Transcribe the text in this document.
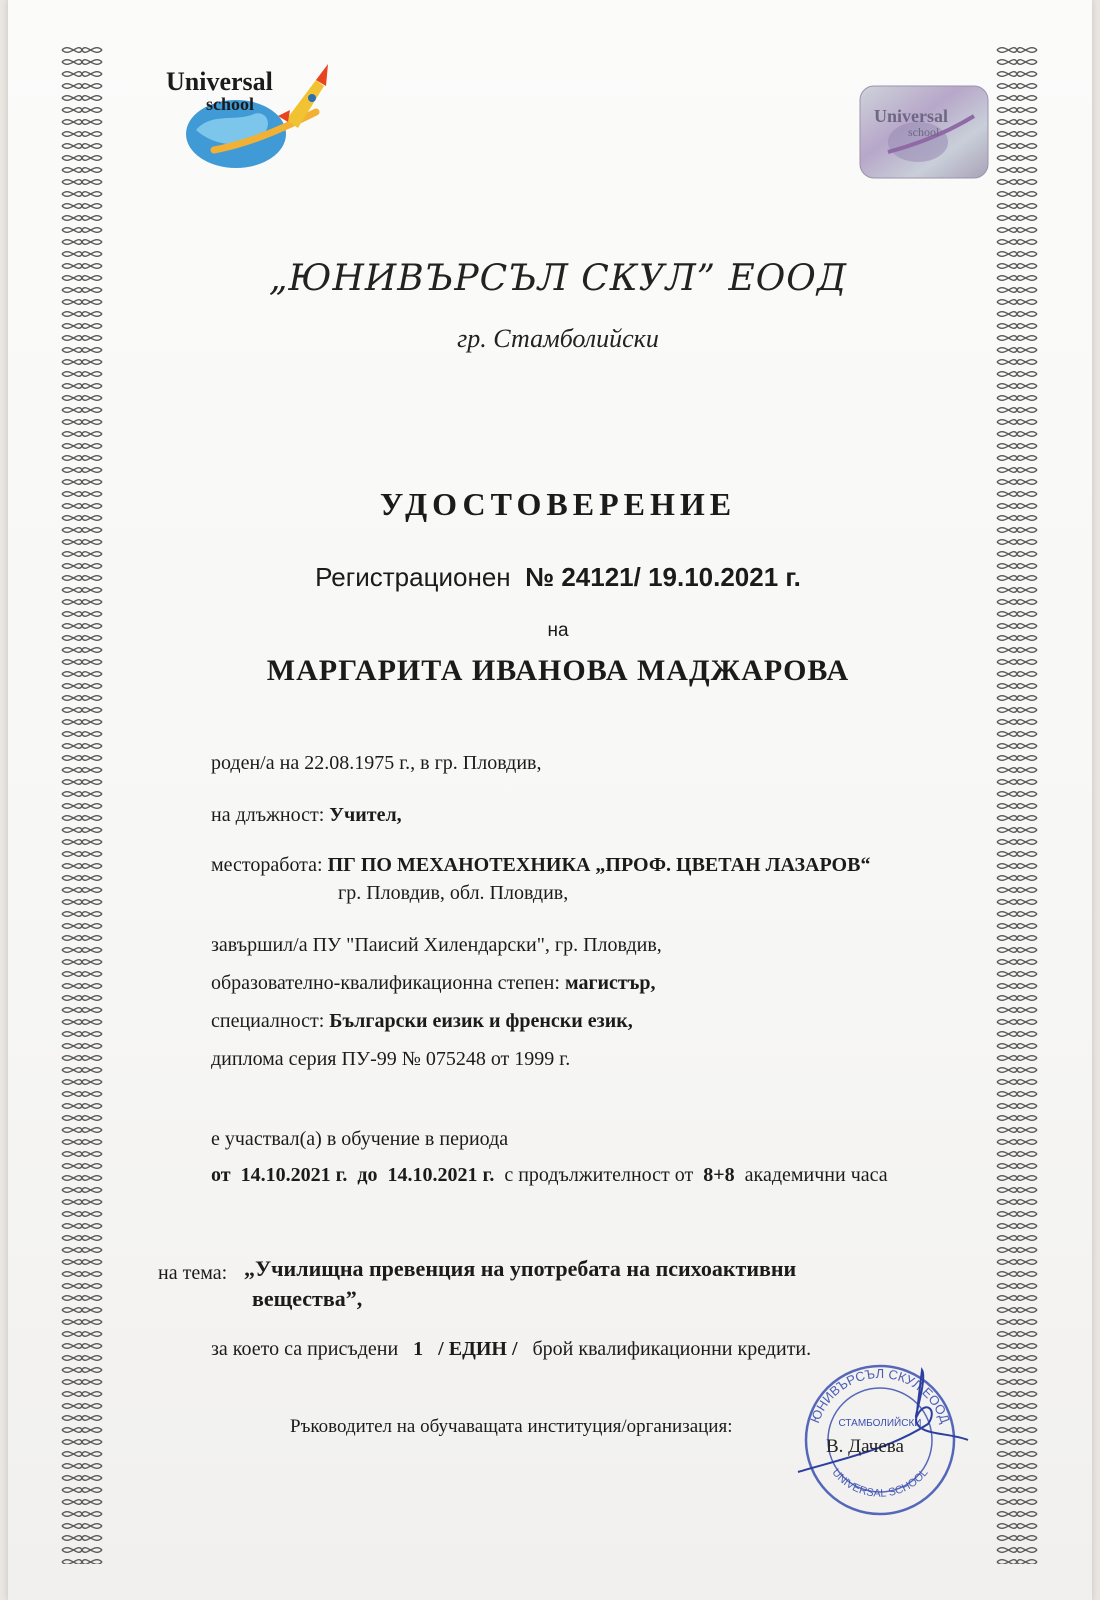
Universal
school
Universal
school

„ЮНИВЪРСЪЛ СКУЛ” ЕООД

гр. Стамболийски

УДОСТОВЕРЕНИЕ

Регистрационен № 24121/ 19.10.2021 г.

на

МАРГАРИТА ИВАНОВА МАДЖАРОВА

роден/а на 22.08.1975 г., в гр. Пловдив,

на длъжност: Учител,

месторабота: ПГ ПО МЕХАНОТЕХНИКА „ПРОФ. ЦВЕТАН ЛАЗАРОВ“

гр. Пловдив, обл. Пловдив,

завършил/а ПУ "Паисий Хилендарски", гр. Пловдив,

образователно-квалификационна степен: магистър,

специалност: Български еизик и френски език,

диплома серия ПУ-99 № 075248 от 1999 г.

е участвал(а) в обучение в периода

от 14.10.2021 г. до 14.10.2021 г. с продължителност от 8+8 академични часа

на тема: „Училищна превенция на употребата на психоактивни

вещества”,

за което са присъдени 1 / ЕДИН / брой квалификационни кредити.

Ръководител на обучаващата институция/организация:	ЮНИВЪРСЪЛ СКУЛ ЕООД
СТАМБОЛИЙСКИ
UNIVERSAL SCHOOL

В. Дачева
